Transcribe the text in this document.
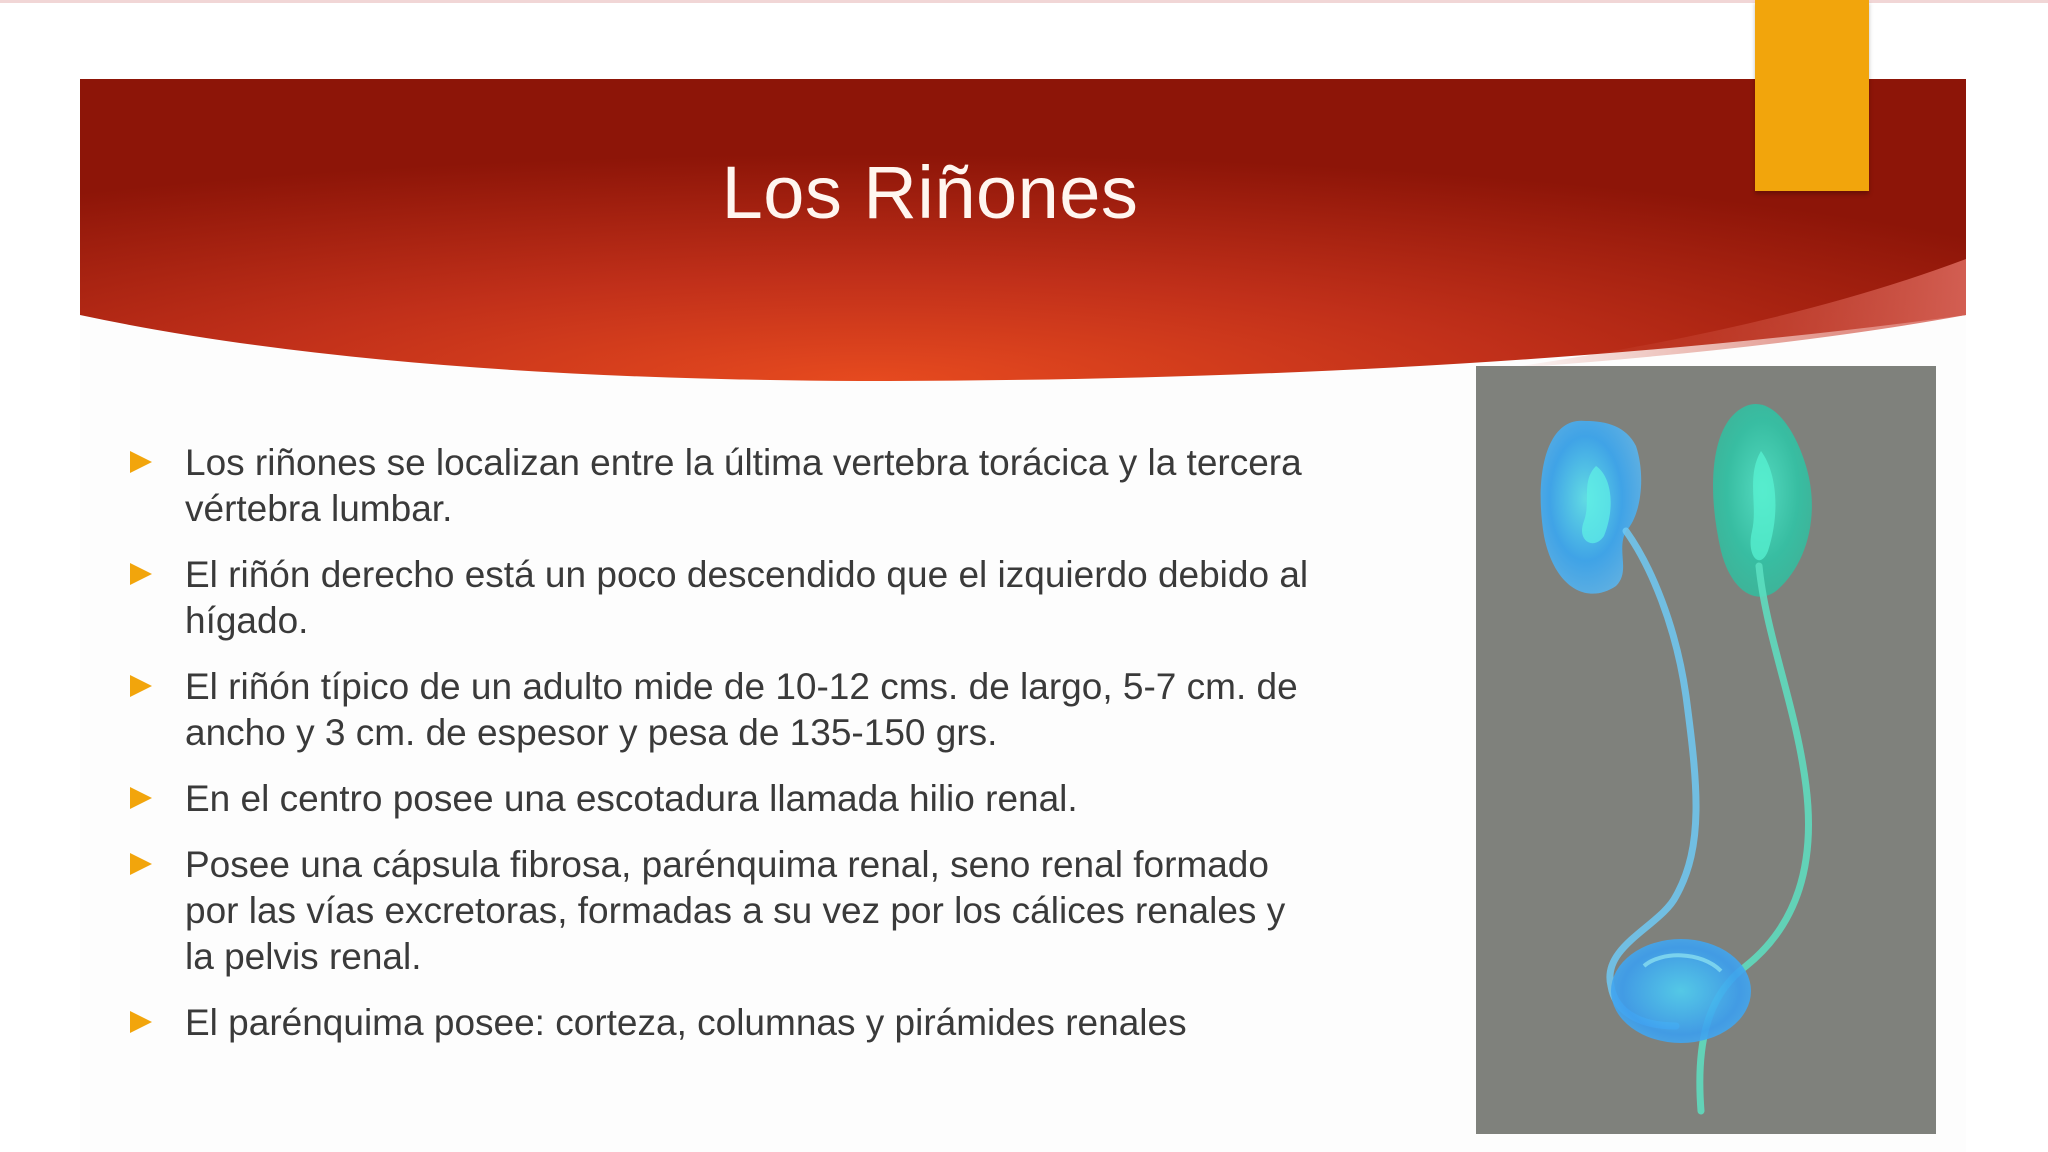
Los Riñones
Los riñones se localizan entre la última vertebra torácica y la tercera vértebra lumbar.
El riñón derecho está un poco descendido que el izquierdo debido al hígado.
El riñón típico de un adulto mide de 10-12 cms. de largo, 5-7 cm. de ancho y 3 cm. de espesor y pesa de 135-150 grs.
En el centro posee una escotadura llamada hilio renal.
Posee una cápsula fibrosa, parénquima renal, seno renal formado por las vías excretoras, formadas a su vez por los cálices renales y la pelvis renal.
El parénquima posee: corteza, columnas y pirámides renales
